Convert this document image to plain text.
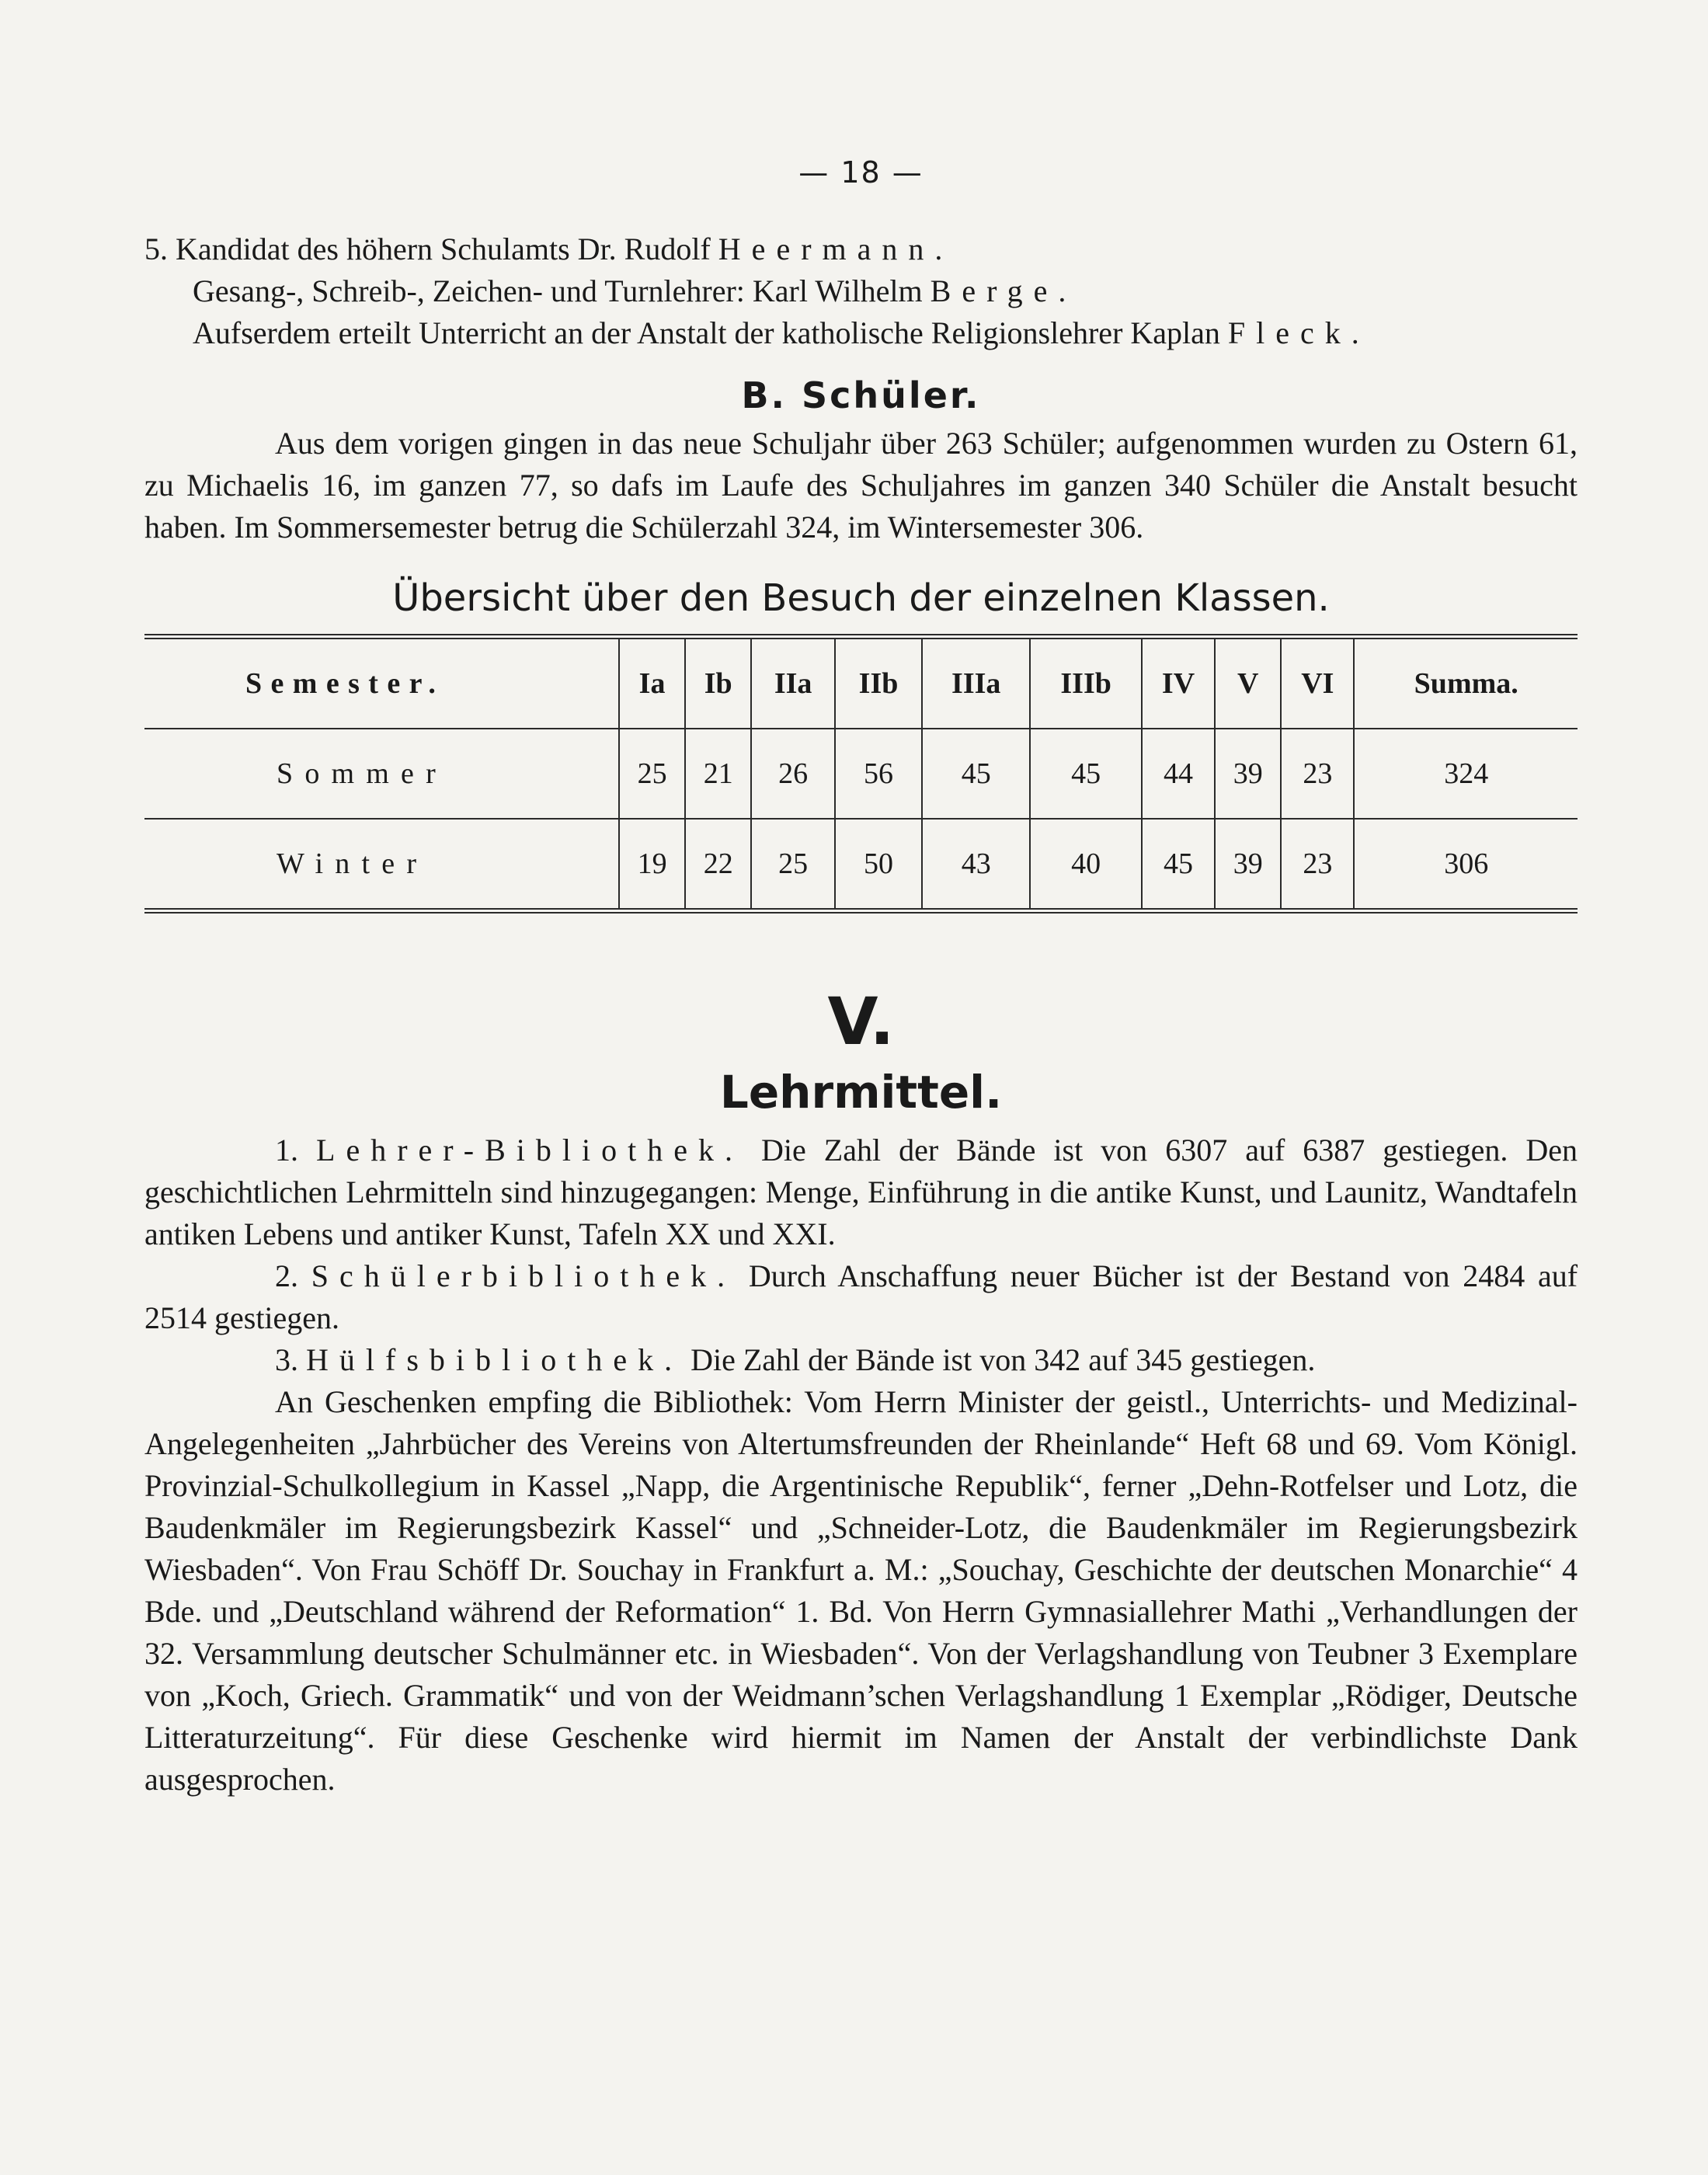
— 18 —

5. Kandidat des höhern Schulamts Dr. Rudolf Heermann.

Gesang-, Schreib-, Zeichen- und Turnlehrer: Karl Wilhelm Berge.

Aufserdem erteilt Unterricht an der Anstalt der katholische Religionslehrer Kaplan Fleck.

B. Schüler.

Aus dem vorigen gingen in das neue Schuljahr über 263 Schüler; aufgenommen wurden zu Ostern 61, zu Michaelis 16, im ganzen 77, so dafs im Laufe des Schuljahres im ganzen 340 Schüler die Anstalt besucht haben. Im Sommersemester betrug die Schülerzahl 324, im Wintersemester 306.

Übersicht über den Besuch der einzelnen Klassen.
Semester.	Ia	Ib	IIa	IIb	IIIa	IIIb	IV	V	VI	Summa.
Sommer	25	21	26	56	45	45	44	39	23	324
Winter	19	22	25	50	43	40	45	39	23	306
V.
Lehrmittel.

1. Lehrer-Bibliothek. Die Zahl der Bände ist von 6307 auf 6387 gestiegen. Den geschichtlichen Lehrmitteln sind hinzugegangen: Menge, Einführung in die antike Kunst, und Launitz, Wandtafeln antiken Lebens und antiker Kunst, Tafeln XX und XXI.

2. Schülerbibliothek. Durch Anschaffung neuer Bücher ist der Bestand von 2484 auf 2514 gestiegen.

3. Hülfsbibliothek. Die Zahl der Bände ist von 342 auf 345 gestiegen.

An Geschenken empfing die Bibliothek: Vom Herrn Minister der geistl., Unterrichts- und Medizinal- Angelegenheiten „Jahrbücher des Vereins von Altertumsfreunden der Rheinlande“ Heft 68 und 69. Vom Königl. Provinzial-Schulkollegium in Kassel „Napp, die Argentinische Republik“, ferner „Dehn-Rotfelser und Lotz, die Baudenkmäler im Regierungsbezirk Kassel“ und „Schneider-Lotz, die Baudenkmäler im Regierungsbezirk Wiesbaden“. Von Frau Schöff Dr. Souchay in Frankfurt a. M.: „Souchay, Geschichte der deutschen Monarchie“ 4 Bde. und „Deutschland während der Reformation“ 1. Bd. Von Herrn Gymnasiallehrer Mathi „Verhandlungen der 32. Versammlung deutscher Schulmänner etc. in Wiesbaden“. Von der Verlagshandlung von Teubner 3 Exemplare von „Koch, Griech. Grammatik“ und von der Weidmann’schen Verlagshandlung 1 Exemplar „Rödiger, Deutsche Litteraturzeitung“. Für diese Geschenke wird hiermit im Namen der Anstalt der verbindlichste Dank ausgesprochen.
